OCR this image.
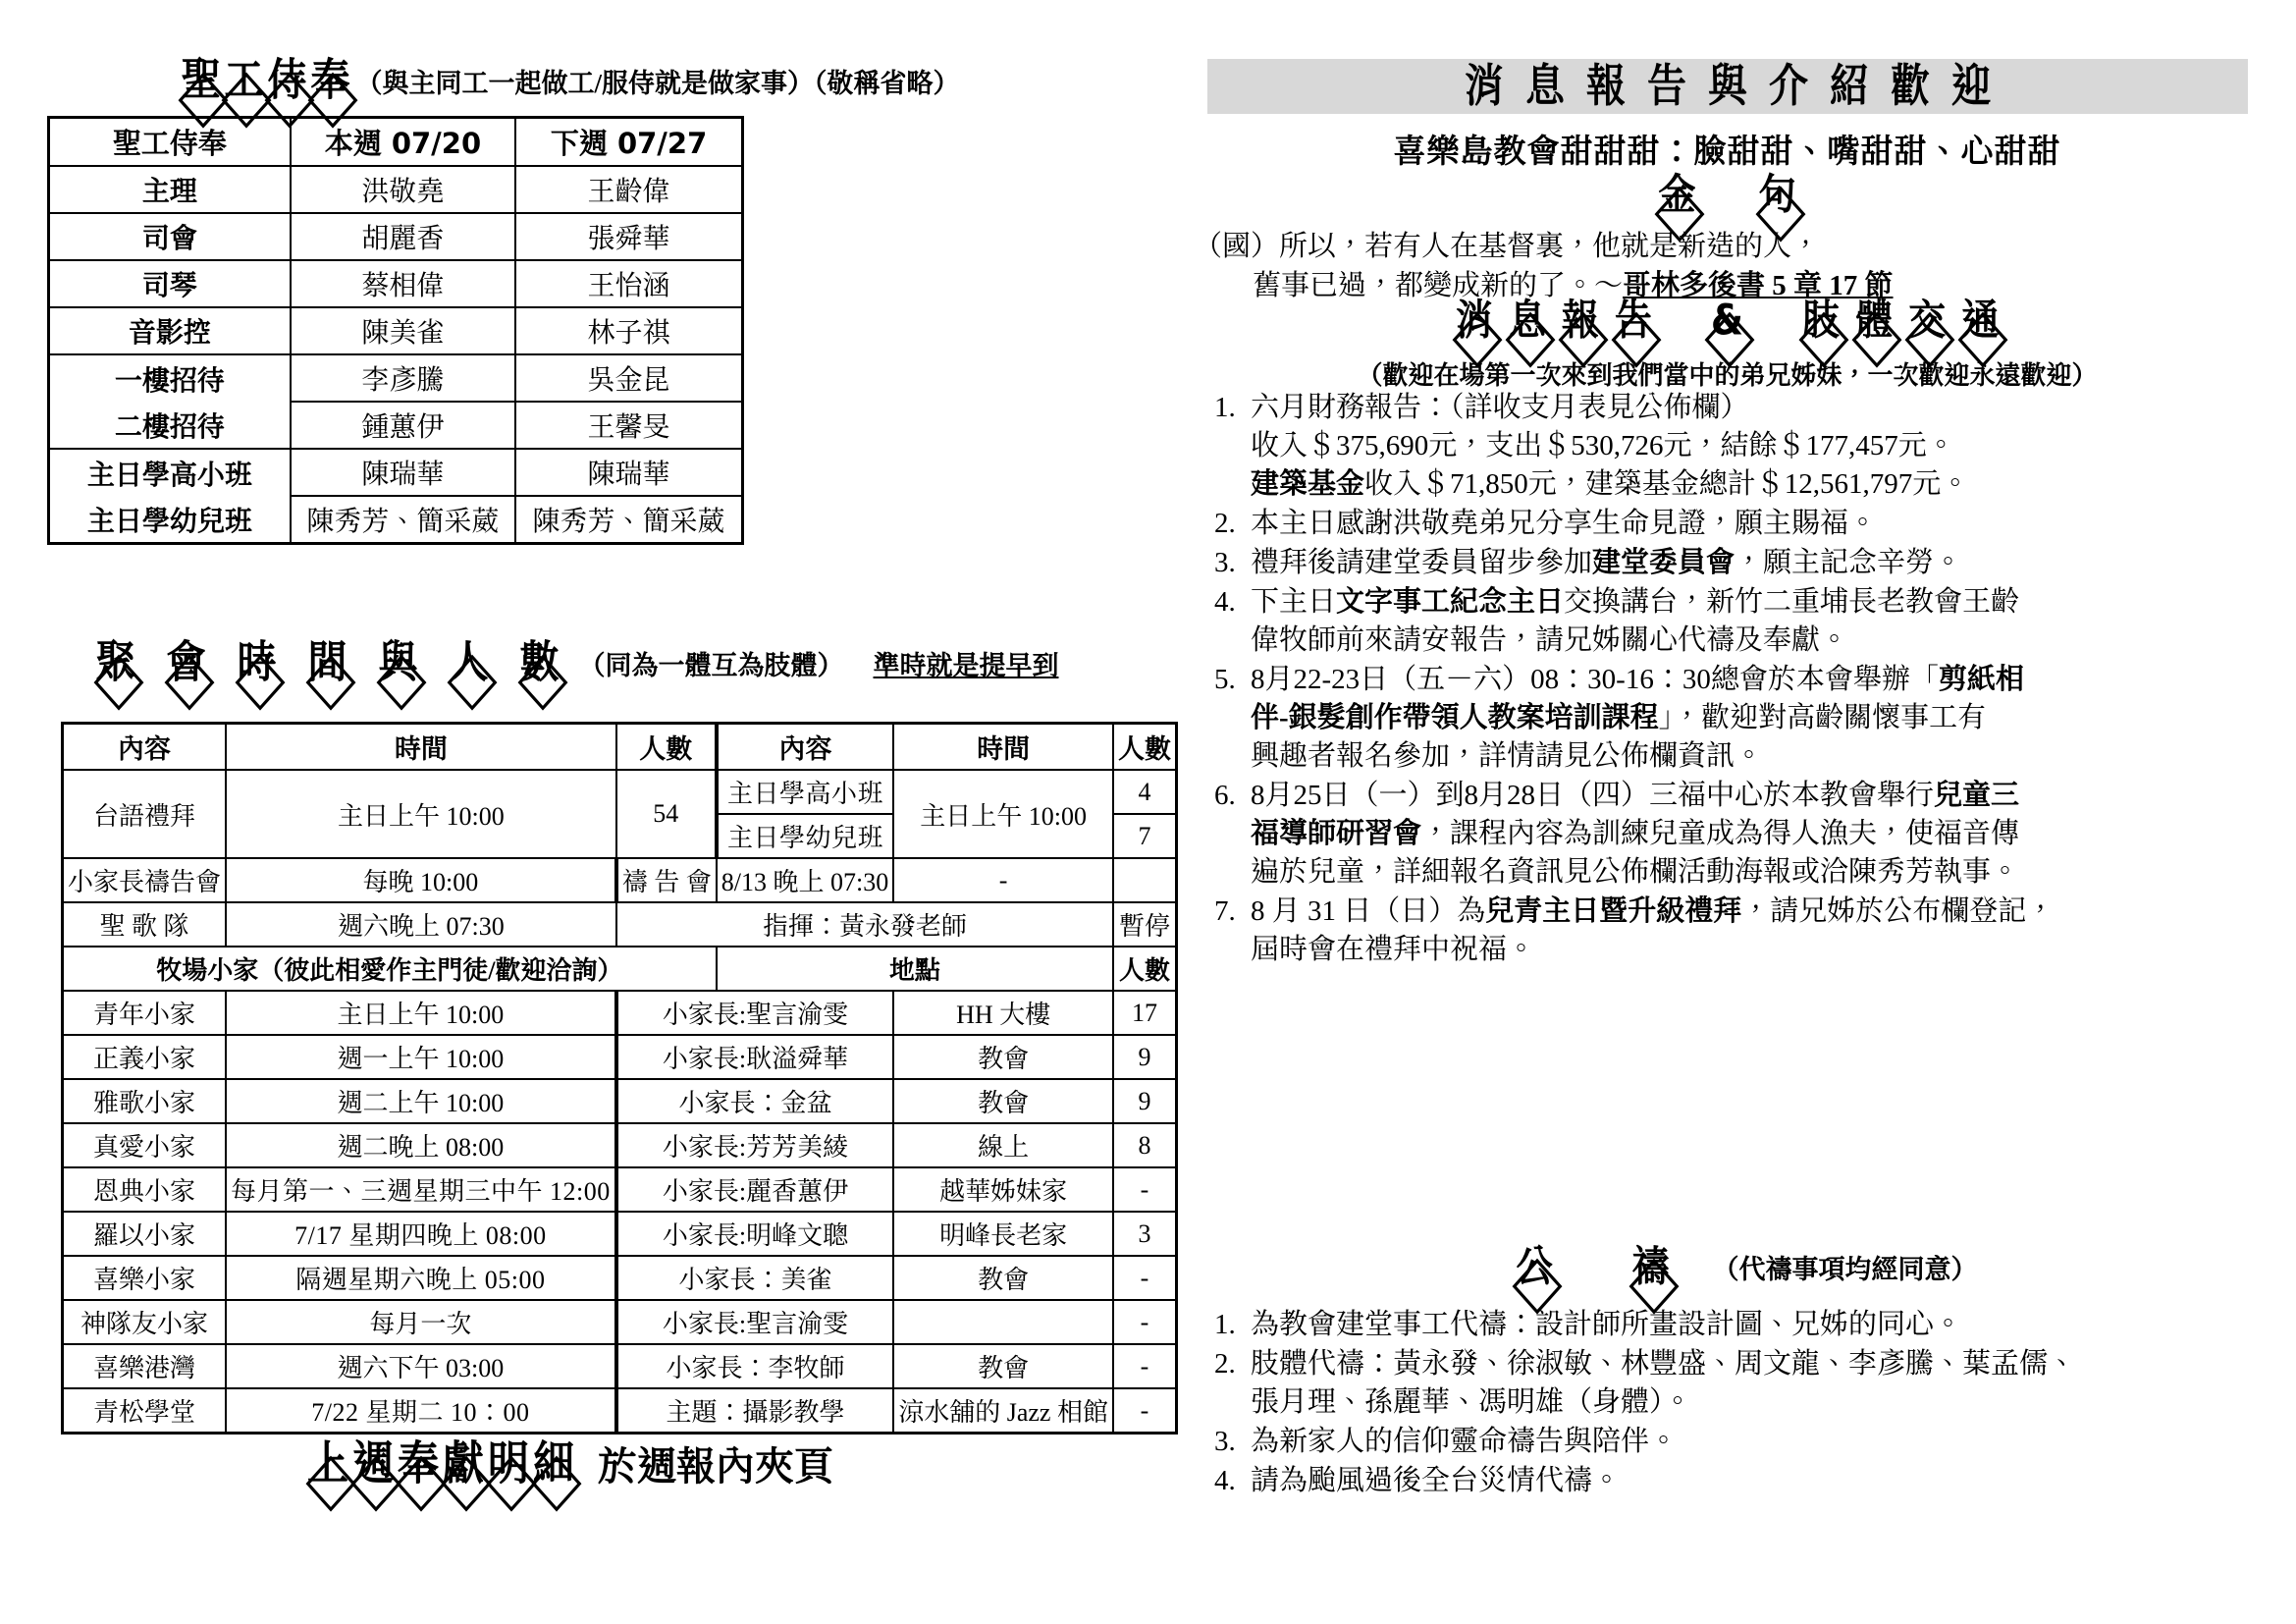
聖 工 侍 奉 （與主同工一起做工/服侍就是做家事）（敬稱省略）
聖工侍奉	本週 07/20	下週 07/27
主理	洪敬堯	王齡偉
司會	胡麗香	張舜華
司琴	蔡相偉	王怡涵
音影控	陳美雀	林子祺
一樓招待	李彥騰	吳金昆
二樓招待	鍾蕙伊	王馨旻
主日學高小班	陳瑞華	陳瑞華
主日學幼兒班	陳秀芳、簡采葳	陳秀芳、簡采葳
聚 會 時 間 與 人 數 （同為一體互為肢體） 準時就是提早到
內容	時間	人數	內容	時間	人數
台語禮拜	主日上午 10:00	54	主日學高小班	主日上午 10:00	4
			主日學幼兒班		7
小家長禱告會	每晚 10:00	禱 告 會	8/13 晚上 07:30	-	
聖 歌 隊	週六晚上 07:30	指揮：黃永發老師			暫停
牧場小家（彼此相愛作主門徒/歡迎洽詢）			地點		人數
青年小家	主日上午 10:00	小家長:聖言渝雯		HH 大樓	17
正義小家	週一上午 10:00	小家長:耿溢舜華		教會	9
雅歌小家	週二上午 10:00	小家長：金盆		教會	9
真愛小家	週二晚上 08:00	小家長:芳芳美綾		線上	8
恩典小家	每月第一、三週星期三中午 12:00	小家長:麗香蕙伊		越華姊妹家	-
羅以小家	7/17 星期四晚上 08:00	小家長:明峰文聰		明峰長老家	3
喜樂小家	隔週星期六晚上 05:00	小家長：美雀		教會	-
神隊友小家	每月一次	小家長:聖言渝雯			-
喜樂港灣	週六下午 03:00	小家長：李牧師		教會	-
青松學堂	7/22 星期二 10：00	主題：攝影教學		涼水舖的 Jazz 相館	-
上週奉獻明細 於週報內夾頁
消息報告與介紹歡迎
喜樂島教會甜甜甜：臉甜甜、嘴甜甜、心甜甜
金 句
（國）所以，若有人在基督裏，他就是新造的人，
舊事已過，都變成新的了。～哥林多後書 5 章 17 節
消 息 報 告 & 肢 體 交 通
（歡迎在場第一次來到我們當中的弟兄姊妹，一次歡迎永遠歡迎）
1. 六月財務報告：（詳收支月表見公佈欄）
收入＄375,690元，支出＄530,726元，結餘＄177,457元。
建築基金收入＄71,850元，建築基金總計＄12,561,797元。
2. 本主日感謝洪敬堯弟兄分享生命見證，願主賜福。
3. 禮拜後請建堂委員留步參加建堂委員會，願主記念辛勞。
4. 下主日文字事工紀念主日交換講台，新竹二重埔長老教會王齡
偉牧師前來請安報告，請兄姊關心代禱及奉獻。
5. 8月22-23日（五－六）08：30-16：30總會於本會舉辦「剪紙相
伴-銀髮創作帶領人教案培訓課程」，歡迎對高齡關懷事工有
興趣者報名參加，詳情請見公佈欄資訊。
6. 8月25日（一）到8月28日（四）三福中心於本教會舉行兒童三
福導師研習會，課程內容為訓練兒童成為得人漁夫，使福音傳
遍於兒童，詳細報名資訊見公佈欄活動海報或洽陳秀芳執事。
7. 8 月 31 日（日）為兒青主日暨升級禮拜，請兄姊於公布欄登記，
屆時會在禮拜中祝福。
公 禱 （代禱事項均經同意）
1. 為教會建堂事工代禱：設計師所畫設計圖、兄姊的同心。
2. 肢體代禱：黃永發、徐淑敏、林豐盛、周文龍、李彥騰、葉孟儒、
張月理、孫麗華、馮明雄（身體）。
3. 為新家人的信仰靈命禱告與陪伴。
4. 請為颱風過後全台災情代禱。
